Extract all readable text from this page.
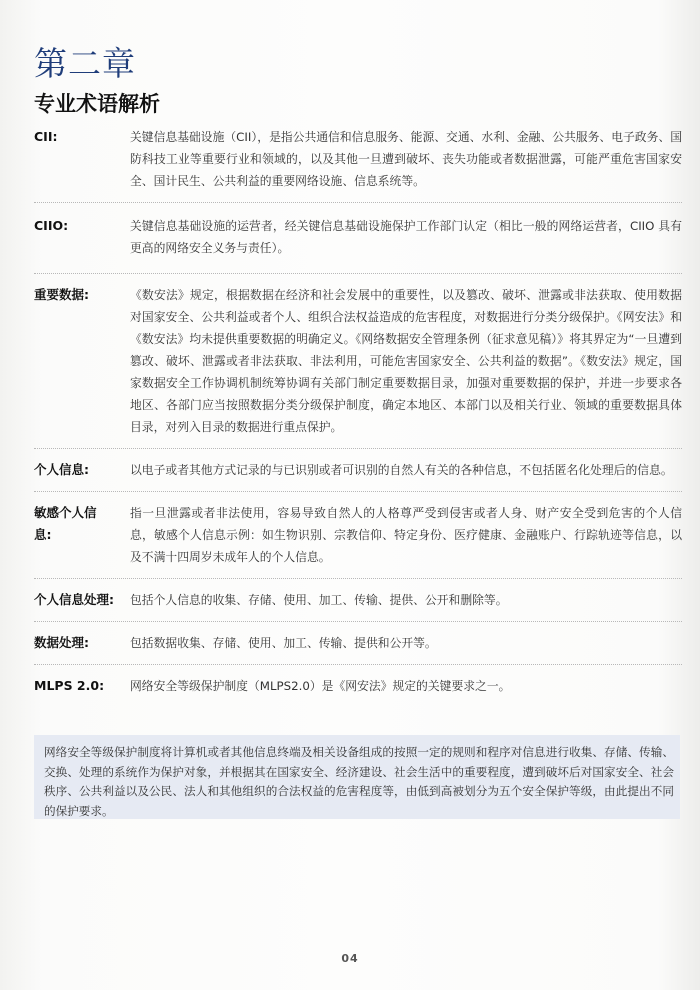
第二章
专业术语解析
CII:	关键信息基础设施（CII），是指公共通信和信息服务、能源、交通、水利、金融、公共服务、电子政务、国防科技工业等重要行业和领域的，以及其他一旦遭到破坏、丧失功能或者数据泄露，可能严重危害国家安全、国计民生、公共利益的重要网络设施、信息系统等。
CIIO:	关键信息基础设施的运营者，经关键信息基础设施保护工作部门认定（相比一般的网络运营者，CIIO 具有更高的网络安全义务与责任）。
重要数据:	《数安法》规定，根据数据在经济和社会发展中的重要性，以及篡改、破坏、泄露或非法获取、使用数据对国家安全、公共利益或者个人、组织合法权益造成的危害程度，对数据进行分类分级保护。《网安法》和《数安法》均未提供重要数据的明确定义。《网络数据安全管理条例（征求意见稿）》将其界定为“一旦遭到篡改、破坏、泄露或者非法获取、非法利用，可能危害国家安全、公共利益的数据”。《数安法》规定，国家数据安全工作协调机制统筹协调有关部门制定重要数据目录，加强对重要数据的保护，并进一步要求各地区、各部门应当按照数据分类分级保护制度，确定本地区、本部门以及相关行业、领域的重要数据具体目录，对列入目录的数据进行重点保护。
个人信息:	以电子或者其他方式记录的与已识别或者可识别的自然人有关的各种信息，不包括匿名化处理后的信息。
敏感个人信息:
指一旦泄露或者非法使用，容易导致自然人的人格尊严受到侵害或者人身、财产安全受到危害的个人信息，敏感个人信息示例：如生物识别、宗教信仰、特定身份、医疗健康、金融账户、行踪轨迹等信息，以及不满十四周岁未成年人的个人信息。
个人信息处理:	包括个人信息的收集、存储、使用、加工、传输、提供、公开和删除等。
数据处理:	包括数据收集、存储、使用、加工、传输、提供和公开等。
MLPS 2.0:	网络安全等级保护制度（MLPS2.0）是《网安法》规定的关键要求之一。

网络安全等级保护制度将计算机或者其他信息终端及相关设备组成的按照一定的规则和程序对信息进行收集、存储、传输、交换、处理的系统作为保护对象，并根据其在国家安全、经济建设、社会生活中的重要程度，遭到破坏后对国家安全、社会秩序、公共利益以及公民、法人和其他组织的合法权益的危害程度等，由低到高被划分为五个安全保护等级，由此提出不同的保护要求。

04
